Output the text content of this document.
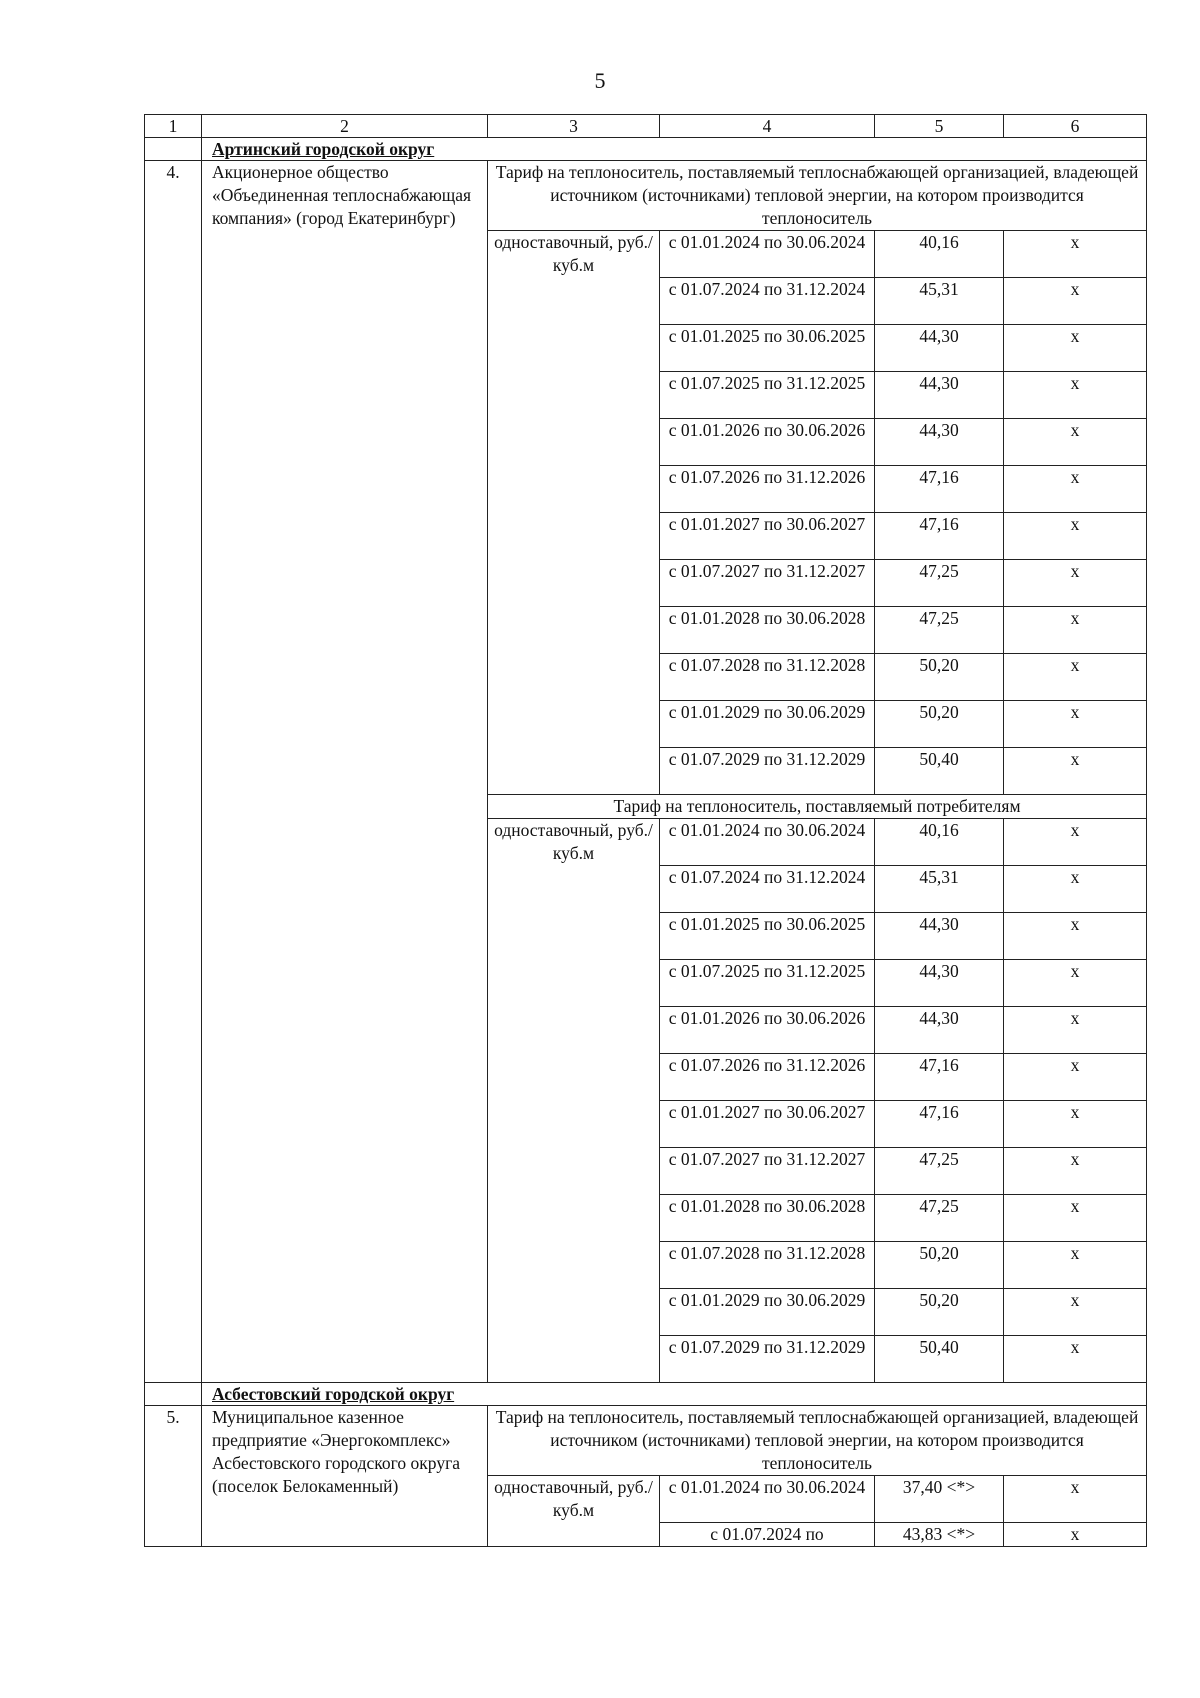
5
1	2	3	4	5	6
	Артинский городской округ				
4.	Акционерное общество «Объединенная теплоснабжающая компания» (город Екатеринбург)	Тариф на теплоноситель, поставляемый теплоснабжающей организацией, владеющей источником (источниками) тепловой энергии, на котором производится теплоноситель			
		одноставочный, руб./куб.м	с 01.01.2024 по 30.06.2024	40,16	х
			с 01.07.2024 по 31.12.2024	45,31	х
			с 01.01.2025 по 30.06.2025	44,30	х
			с 01.07.2025 по 31.12.2025	44,30	х
			с 01.01.2026 по 30.06.2026	44,30	х
			с 01.07.2026 по 31.12.2026	47,16	х
			с 01.01.2027 по 30.06.2027	47,16	х
			с 01.07.2027 по 31.12.2027	47,25	х
			с 01.01.2028 по 30.06.2028	47,25	х
			с 01.07.2028 по 31.12.2028	50,20	х
			с 01.01.2029 по 30.06.2029	50,20	х
			с 01.07.2029 по 31.12.2029	50,40	х
		Тариф на теплоноситель, поставляемый потребителям			
		одноставочный, руб./куб.м	с 01.01.2024 по 30.06.2024	40,16	х
			с 01.07.2024 по 31.12.2024	45,31	х
			с 01.01.2025 по 30.06.2025	44,30	х
			с 01.07.2025 по 31.12.2025	44,30	х
			с 01.01.2026 по 30.06.2026	44,30	х
			с 01.07.2026 по 31.12.2026	47,16	х
			с 01.01.2027 по 30.06.2027	47,16	х
			с 01.07.2027 по 31.12.2027	47,25	х
			с 01.01.2028 по 30.06.2028	47,25	х
			с 01.07.2028 по 31.12.2028	50,20	х
			с 01.01.2029 по 30.06.2029	50,20	х
			с 01.07.2029 по 31.12.2029	50,40	х
	Асбестовский городской округ				
5.	Муниципальное казенное предприятие «Энергокомплекс» Асбестовского городского округа (поселок Белокаменный)	Тариф на теплоноситель, поставляемый теплоснабжающей организацией, владеющей источником (источниками) тепловой энергии, на котором производится теплоноситель			
		одноставочный, руб./куб.м	с 01.01.2024 по 30.06.2024	37,40 <*>	х
			с 01.07.2024 по	43,83 <*>	х
